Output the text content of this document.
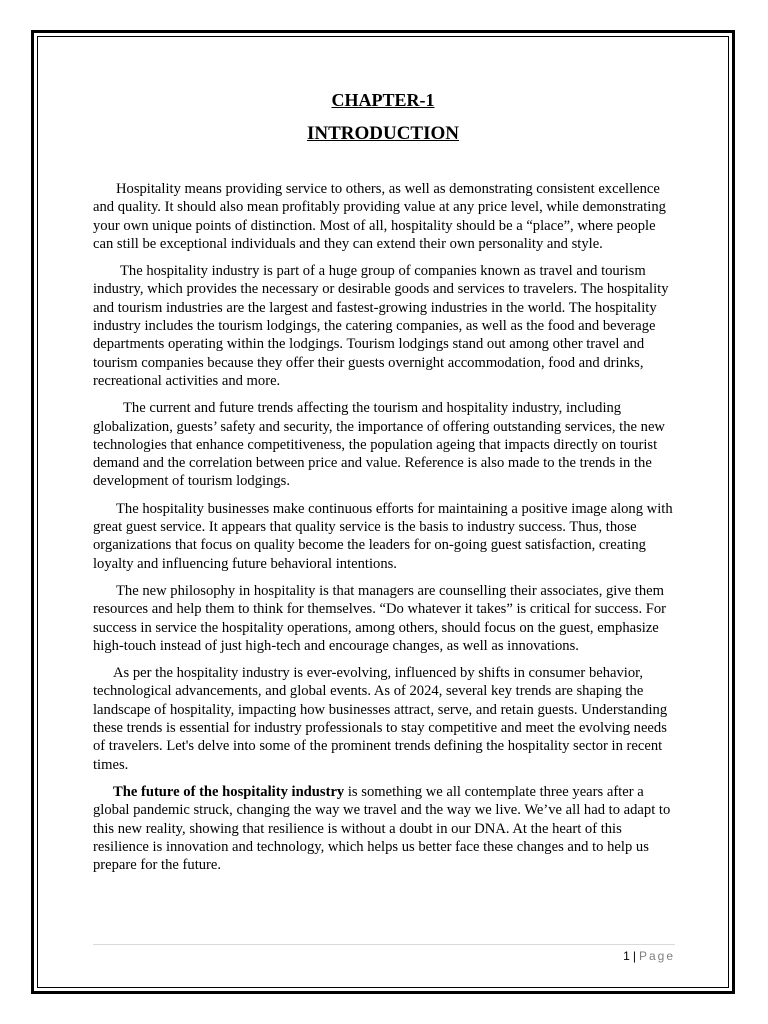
CHAPTER-1
INTRODUCTION

Hospitality means providing service to others, as well as demonstrating consistent excellence and quality. It should also mean profitably providing value at any price level, while demonstrating your own unique points of distinction. Most of all, hospitality should be a “place”, where people can still be exceptional individuals and they can extend their own personality and style.

The hospitality industry is part of a huge group of companies known as travel and tourism industry, which provides the necessary or desirable goods and services to travelers. The hospitality and tourism industries are the largest and fastest-growing industries in the world. The hospitality industry includes the tourism lodgings, the catering companies, as well as the food and beverage departments operating within the lodgings. Tourism lodgings stand out among other travel and tourism companies because they offer their guests overnight accommodation, food and drinks, recreational activities and more.

The current and future trends affecting the tourism and hospitality industry, including globalization, guests’ safety and security, the importance of offering outstanding services, the new technologies that enhance competitiveness, the population ageing that impacts directly on tourist demand and the correlation between price and value. Reference is also made to the trends in the development of tourism lodgings.

The hospitality businesses make continuous efforts for maintaining a positive image along with great guest service. It appears that quality service is the basis to industry success. Thus, those organizations that focus on quality become the leaders for on-going guest satisfaction, creating loyalty and influencing future behavioral intentions.

The new philosophy in hospitality is that managers are counselling their associates, give them resources and help them to think for themselves. “Do whatever it takes” is critical for success. For success in service the hospitality operations, among others, should focus on the guest, emphasize high-touch instead of just high-tech and encourage changes, as well as innovations.

As per the hospitality industry is ever-evolving, influenced by shifts in consumer behavior, technological advancements, and global events. As of 2024, several key trends are shaping the landscape of hospitality, impacting how businesses attract, serve, and retain guests. Understanding these trends is essential for industry professionals to stay competitive and meet the evolving needs of travelers. Let's delve into some of the prominent trends defining the hospitality sector in recent times.

The future of the hospitality industry is something we all contemplate three years after a global pandemic struck, changing the way we travel and the way we live. We’ve all had to adapt to this new reality, showing that resilience is without a doubt in our DNA. At the heart of this resilience is innovation and technology, which helps us better face these changes and to help us prepare for the future.

1 | Page
